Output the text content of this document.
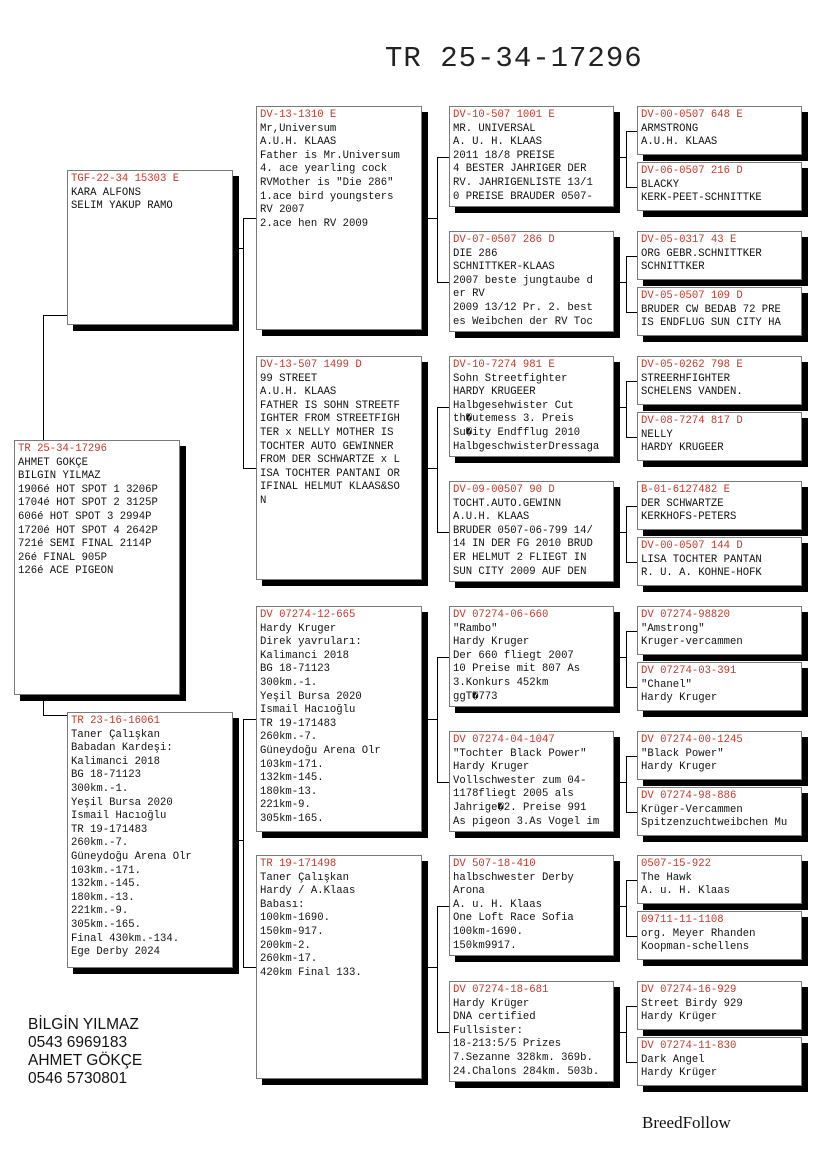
TR 25-34-17296
TR 25-34-17296
AHMET GÖKÇE
BİLGİN YILMAZ
1906é HOT SPOT 1 3206P
1704é HOT SPOT 2 3125P
606é HOT SPOT 3 2994P
1720é HOT SPOT 4 2642P
721é SEMİ FİNAL 2114P
26é FİNAL 905P
126é ACE PIGEON
TGF-22-34 15303 E
KARA ALFONS
SELİM YAKUP RAMO
TR 23-16-16061
Taner Çalışkan
Babadan Kardeşi:
Kalimanci 2018
BG 18-71123
300km.-1.
Yeşil Bursa 2020
İsmail Hacıoğlu
TR 19-171483
260km.-7.
Güneydoğu Arena Olr
103km.-171.
132km.-145.
180km.-13.
221km.-9.
305km.-165.
Final 430km.-134.
Ege Derby 2024
DV-13-1310 E
Mr,Universum
A.U.H. KLAAS
Father is Mr.Universum
4. ace yearling cock
RVMother is "Die 286"
1.ace bird youngsters
RV 2007
2.ace hen RV 2009
DV-13-507 1499 D
99 STREET
A.U.H. KLAAS
FATHER İS SOHN STREETF
İGHTER FROM STREETFİGH
TER x NELLY MOTHER IS
TOCHTER AUTO GEWİNNER
FROM DER SCHWARTZE x L
İSA TOCHTER PANTANİ OR
İFİNAL HELMUT KLAAS&SO
N
DV 07274-12-665
Hardy Kruger
Direk yavruları:
Kalimanci 2018
BG 18-71123
300km.-1.
Yeşil Bursa 2020
İsmail Hacıoğlu
TR 19-171483
260km.-7.
Güneydoğu Arena Olr
103km-171.
132km-145.
180km-13.
221km-9.
305km-165.
TR 19-171498
Taner Çalışkan
Hardy / A.Klaas
Babası:
100km-1690.
150km-917.
200km-2.
260km-17.
420km Final 133.
DV-10-507 1001 E
MR. UNİVERSAL
A. U. H. KLAAS
2011 18/8 PREİSE
4 BESTER JAHRİGER DER
RV. JAHRİGENLİSTE 13/1
0 PREİSE BRAUDER 0507-
DV-07-0507 286 D
DİE 286
SCHNİTTKER-KLAAS
2007 beste jungtaube d
er RV
2009 13/12 Pr. 2. best
es Weibchen der RV Toc
DV-10-7274 981 E
Sohn Streetfighter
HARDY KRÜGEER
Halbgesehwister Cut
th�utemess 3. Preis
Su�ity Endfflug 2010
HalbgeschwisterDressaga
DV-09-00507 90 D
TOCHT.AUTO.GEWİNN
A.U.H. KLAAS
BRUDER 0507-06-799 14/
14 IN DER FG 2010 BRUD
ER HELMUT 2 FLİEGT İN
SUN CİTY 2009 AUF DEN
DV 07274-06-660
"Rambo"
Hardy Kruger
Der 660 fliegt 2007
10 Preise mit 807 As
3.Konkurs 452km
ggT�773
DV 07274-04-1047
"Tochter Black Power"
Hardy Kruger
Vollschwester zum 04-
1178fliegt 2005 als
Jahrige�2. Preise 991
As pigeon 3.As Vogel im
DV 507-18-410
halbschwester Derby
Arona
A. u. H. Klaas
One Loft Race Sofia
100km-1690.
150km9917.
DV 07274-18-681
Hardy Krüger
DNA certified
Fullsister:
18-213:5/5 Prizes
7.Sezanne 328km. 369b.
24.Chalons 284km. 503b.
DV-00-0507 648 E
ARMSTRONG
A.U.H. KLAAS
DV-06-0507 216 D
BLACKY
KERK-PEET-SCHNİTTKE
DV-05-0317 43 E
ORG GEBR.SCHNİTTKER
SCHNİTTKER
DV-05-0507 109 D
BRUDER CW BEDAB 72 PRE
İS ENDFLUG SUN CİTY HA
DV-05-0262 798 E
STREERHFİGHTER
SCHELENS VANDEN.
DV-08-7274 817 D
NELLY
HARDY KRÜGEER
B-01-6127482 E
DER SCHWARTZE
KERKHOFS-PETERS
DV-00-0507 144 D
LİSA TOCHTER PANTAN
R. U. A. KÖHNE-HOFK
DV 07274-98820
"Amstrong"
Kruger-vercammen
DV 07274-03-391
"Chanel"
Hardy Kruger
DV 07274-00-1245
"Black Power"
Hardy Kruger
DV 07274-98-886
Krüger-Vercammen
Spitzenzuchtweibchen Mu
0507-15-922
The Hawk
A. u. H. Klaas
09711-11-1108
org. Meyer Rhanden
Koopman-schellens
DV 07274-16-929
Street Birdy 929
Hardy Krüger
DV 07274-11-830
Dark Angel
Hardy Krüger
BİLGİN YILMAZ
0543 6969183
AHMET GÖKÇE
0546 5730801
BreedFollow
